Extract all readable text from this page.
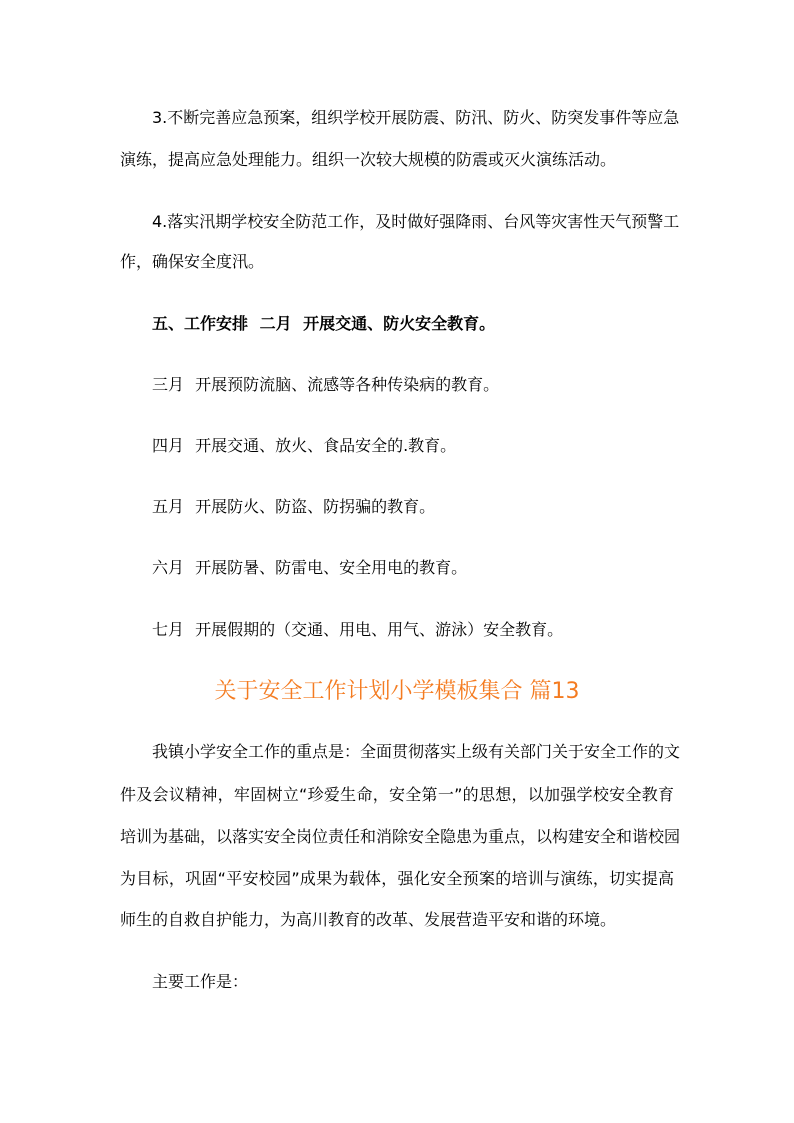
3.不断完善应急预案，组织学校开展防震、防汛、防火、防突发事件等应急
演练，提高应急处理能力。组织一次较大规模的防震或灭火演练活动。
4.落实汛期学校安全防范工作，及时做好强降雨、台风等灾害性天气预警工
作，确保安全度汛。
五、工作安排 二月 开展交通、防火安全教育。
三月 开展预防流脑、流感等各种传染病的教育。
四月 开展交通、放火、食品安全的.教育。
五月 开展防火、防盗、防拐骗的教育。
六月 开展防暑、防雷电、安全用电的教育。
七月 开展假期的（交通、用电、用气、游泳）安全教育。
关于安全工作计划小学模板集合 篇13
我镇小学安全工作的重点是：全面贯彻落实上级有关部门关于安全工作的文
件及会议精神，牢固树立“珍爱生命，安全第一”的思想，以加强学校安全教育
培训为基础，以落实安全岗位责任和消除安全隐患为重点，以构建安全和谐校园
为目标，巩固“平安校园”成果为载体，强化安全预案的培训与演练，切实提高
师生的自救自护能力，为高川教育的改革、发展营造平安和谐的环境。
主要工作是：
